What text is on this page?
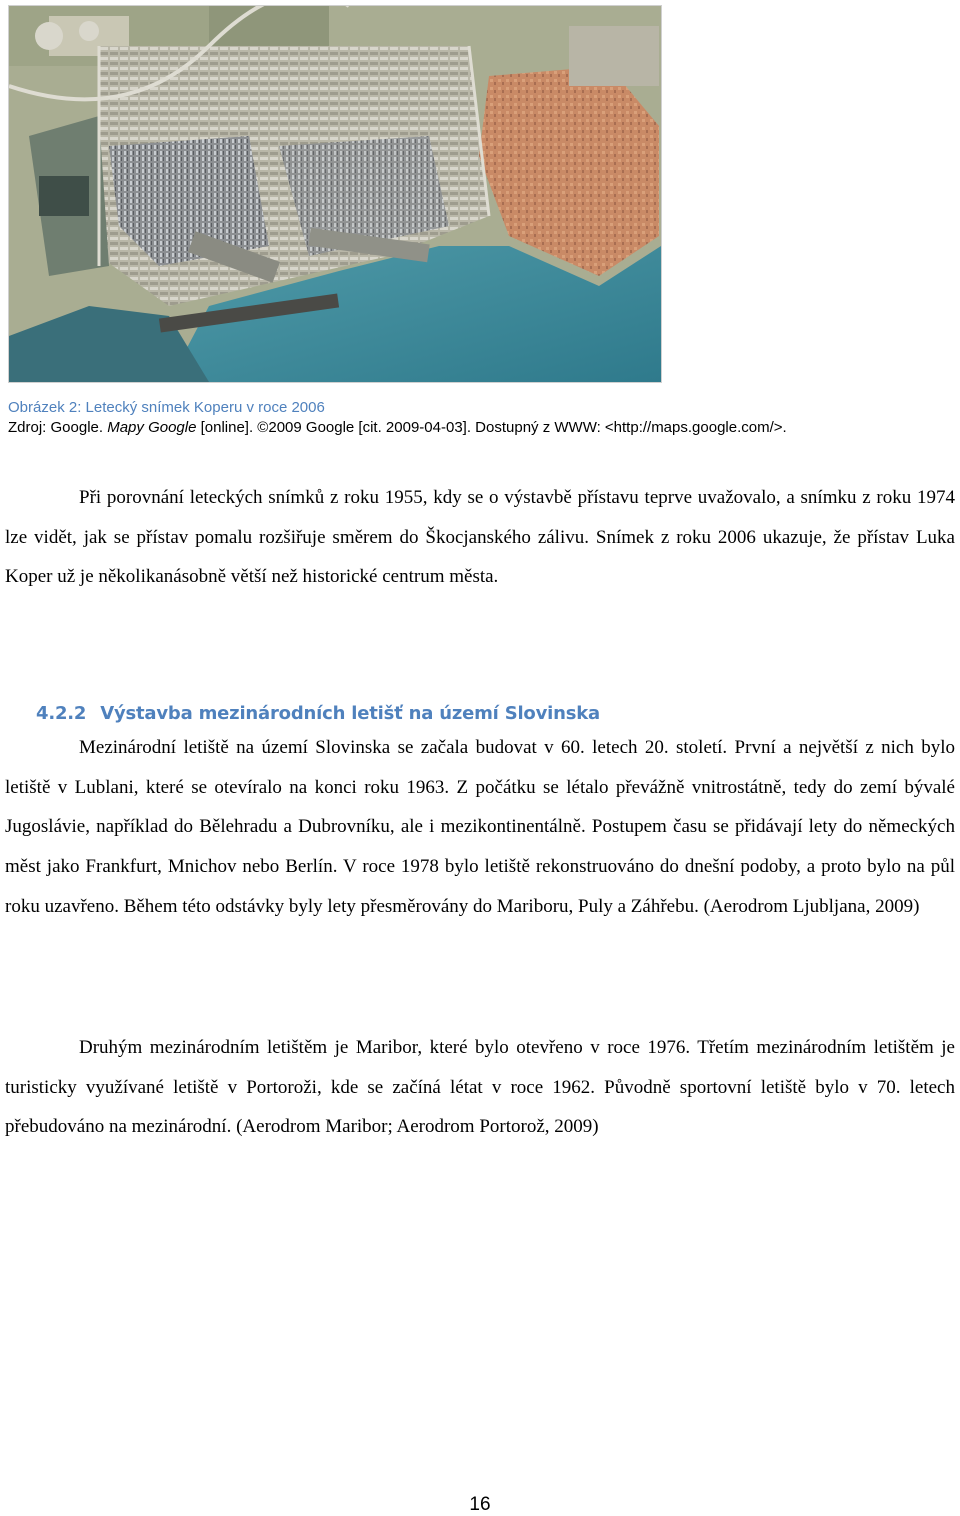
Obrázek 2: Letecký snímek Koperu v roce 2006
Zdroj: Google. Mapy Google [online]. ©2009 Google [cit. 2009-04-03]. Dostupný z WWW: <http://maps.google.com/>.

Při porovnání leteckých snímků z roku 1955, kdy se o výstavbě přístavu teprve uvažovalo, a snímku z roku 1974 lze vidět, jak se přístav pomalu rozšiřuje směrem do Škocjanského zálivu. Snímek z roku 2006 ukazuje, že přístav Luka Koper už je několikanásobně větší než historické centrum města.

4.2.2 Výstavba mezinárodních letišť na území Slovinska

Mezinárodní letiště na území Slovinska se začala budovat v 60. letech 20. století. První a největší z nich bylo letiště v Lublani, které se otevíralo na konci roku 1963. Z počátku se létalo převážně vnitrostátně, tedy do zemí bývalé Jugoslávie, například do Bělehradu a Dubrovníku, ale i mezikontinentálně. Postupem času se přidávají lety do německých měst jako Frankfurt, Mnichov nebo Berlín. V roce 1978 bylo letiště rekonstruováno do dnešní podoby, a proto bylo na půl roku uzavřeno. Během této odstávky byly lety přesměrovány do Mariboru, Puly a Záhřebu. (Aerodrom Ljubljana, 2009)

Druhým mezinárodním letištěm je Maribor, které bylo otevřeno v roce 1976. Třetím mezinárodním letištěm je turisticky využívané letiště v Portoroži, kde se začíná létat v roce 1962. Původně sportovní letiště bylo v 70. letech přebudováno na mezinárodní. (Aerodrom Maribor; Aerodrom Portorož, 2009)

16
